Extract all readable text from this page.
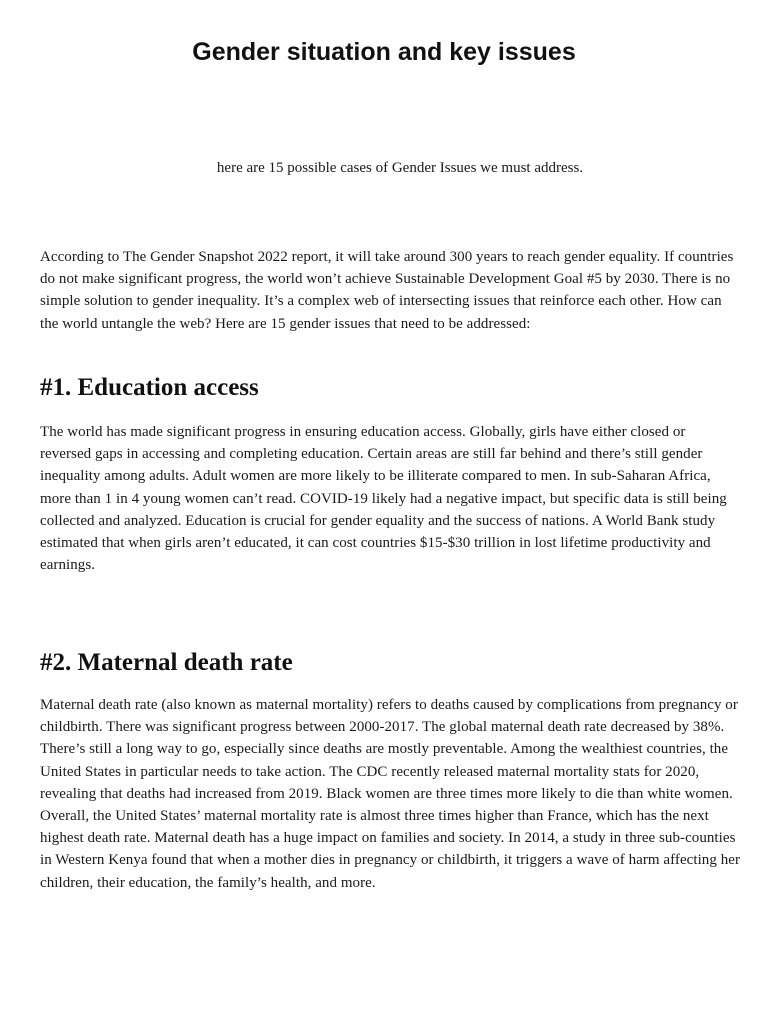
Gender situation and key issues

here are 15 possible cases of Gender Issues we must address.

According to The Gender Snapshot 2022 report, it will take around 300 years to reach gender equality. If countries do not make significant progress, the world won’t achieve Sustainable Development Goal #5 by 2030. There is no simple solution to gender inequality. It’s a complex web of intersecting issues that reinforce each other. How can the world untangle the web? Here are 15 gender issues that need to be addressed:

#1. Education access

The world has made significant progress in ensuring education access. Globally, girls have either closed or reversed gaps in accessing and completing education. Certain areas are still far behind and there’s still gender inequality among adults. Adult women are more likely to be illiterate compared to men. In sub-Saharan Africa, more than 1 in 4 young women can’t read. COVID-19 likely had a negative impact, but specific data is still being collected and analyzed. Education is crucial for gender equality and the success of nations. A World Bank study estimated that when girls aren’t educated, it can cost countries $15-$30 trillion in lost lifetime productivity and earnings.

#2. Maternal death rate

Maternal death rate (also known as maternal mortality) refers to deaths caused by complications from pregnancy or childbirth. There was significant progress between 2000-2017. The global maternal death rate decreased by 38%. There’s still a long way to go, especially since deaths are mostly preventable. Among the wealthiest countries, the United States in particular needs to take action. The CDC recently released maternal mortality stats for 2020, revealing that deaths had increased from 2019. Black women are three times more likely to die than white women. Overall, the United States’ maternal mortality rate is almost three times higher than France, which has the next highest death rate. Maternal death has a huge impact on families and society. In 2014, a study in three sub-counties in Western Kenya found that when a mother dies in pregnancy or childbirth, it triggers a wave of harm affecting her children, their education, the family’s health, and more.
